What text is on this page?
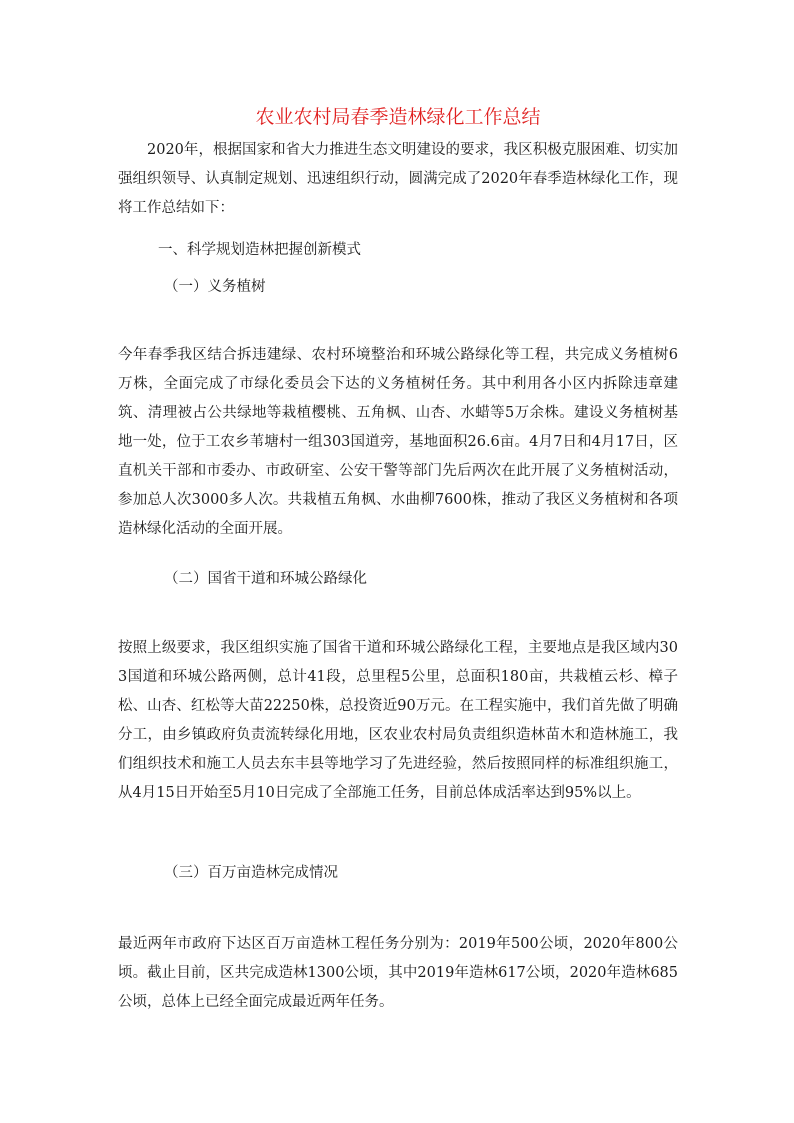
农业农村局春季造林绿化工作总结

2020年，根据国家和省大力推进生态文明建设的要求，我区积极克服困难、切实加强组织领导、认真制定规划、迅速组织行动，圆满完成了2020年春季造林绿化工作，现将工作总结如下：

一、科学规划造林把握创新模式

（一）义务植树

今年春季我区结合拆违建绿、农村环境整治和环城公路绿化等工程，共完成义务植树6万株，全面完成了市绿化委员会下达的义务植树任务。其中利用各小区内拆除违章建筑、清理被占公共绿地等栽植樱桃、五角枫、山杏、水蜡等5万余株。建设义务植树基地一处，位于工农乡苇塘村一组303国道旁，基地面积26.6亩。4月7日和4月17日，区直机关干部和市委办、市政研室、公安干警等部门先后两次在此开展了义务植树活动，参加总人次3000多人次。共栽植五角枫、水曲柳7600株，推动了我区义务植树和各项造林绿化活动的全面开展。

（二）国省干道和环城公路绿化

按照上级要求，我区组织实施了国省干道和环城公路绿化工程，主要地点是我区域内303国道和环城公路两侧，总计41段，总里程5公里，总面积180亩，共栽植云杉、樟子松、山杏、红松等大苗22250株，总投资近90万元。在工程实施中，我们首先做了明确分工，由乡镇政府负责流转绿化用地，区农业农村局负责组织造林苗木和造林施工，我们组织技术和施工人员去东丰县等地学习了先进经验，然后按照同样的标准组织施工，从4月15日开始至5月10日完成了全部施工任务，目前总体成活率达到95%以上。

（三）百万亩造林完成情况

最近两年市政府下达区百万亩造林工程任务分别为：2019年500公顷，2020年800公顷。截止目前，区共完成造林1300公顷，其中2019年造林617公顷，2020年造林685公顷，总体上已经全面完成最近两年任务。
